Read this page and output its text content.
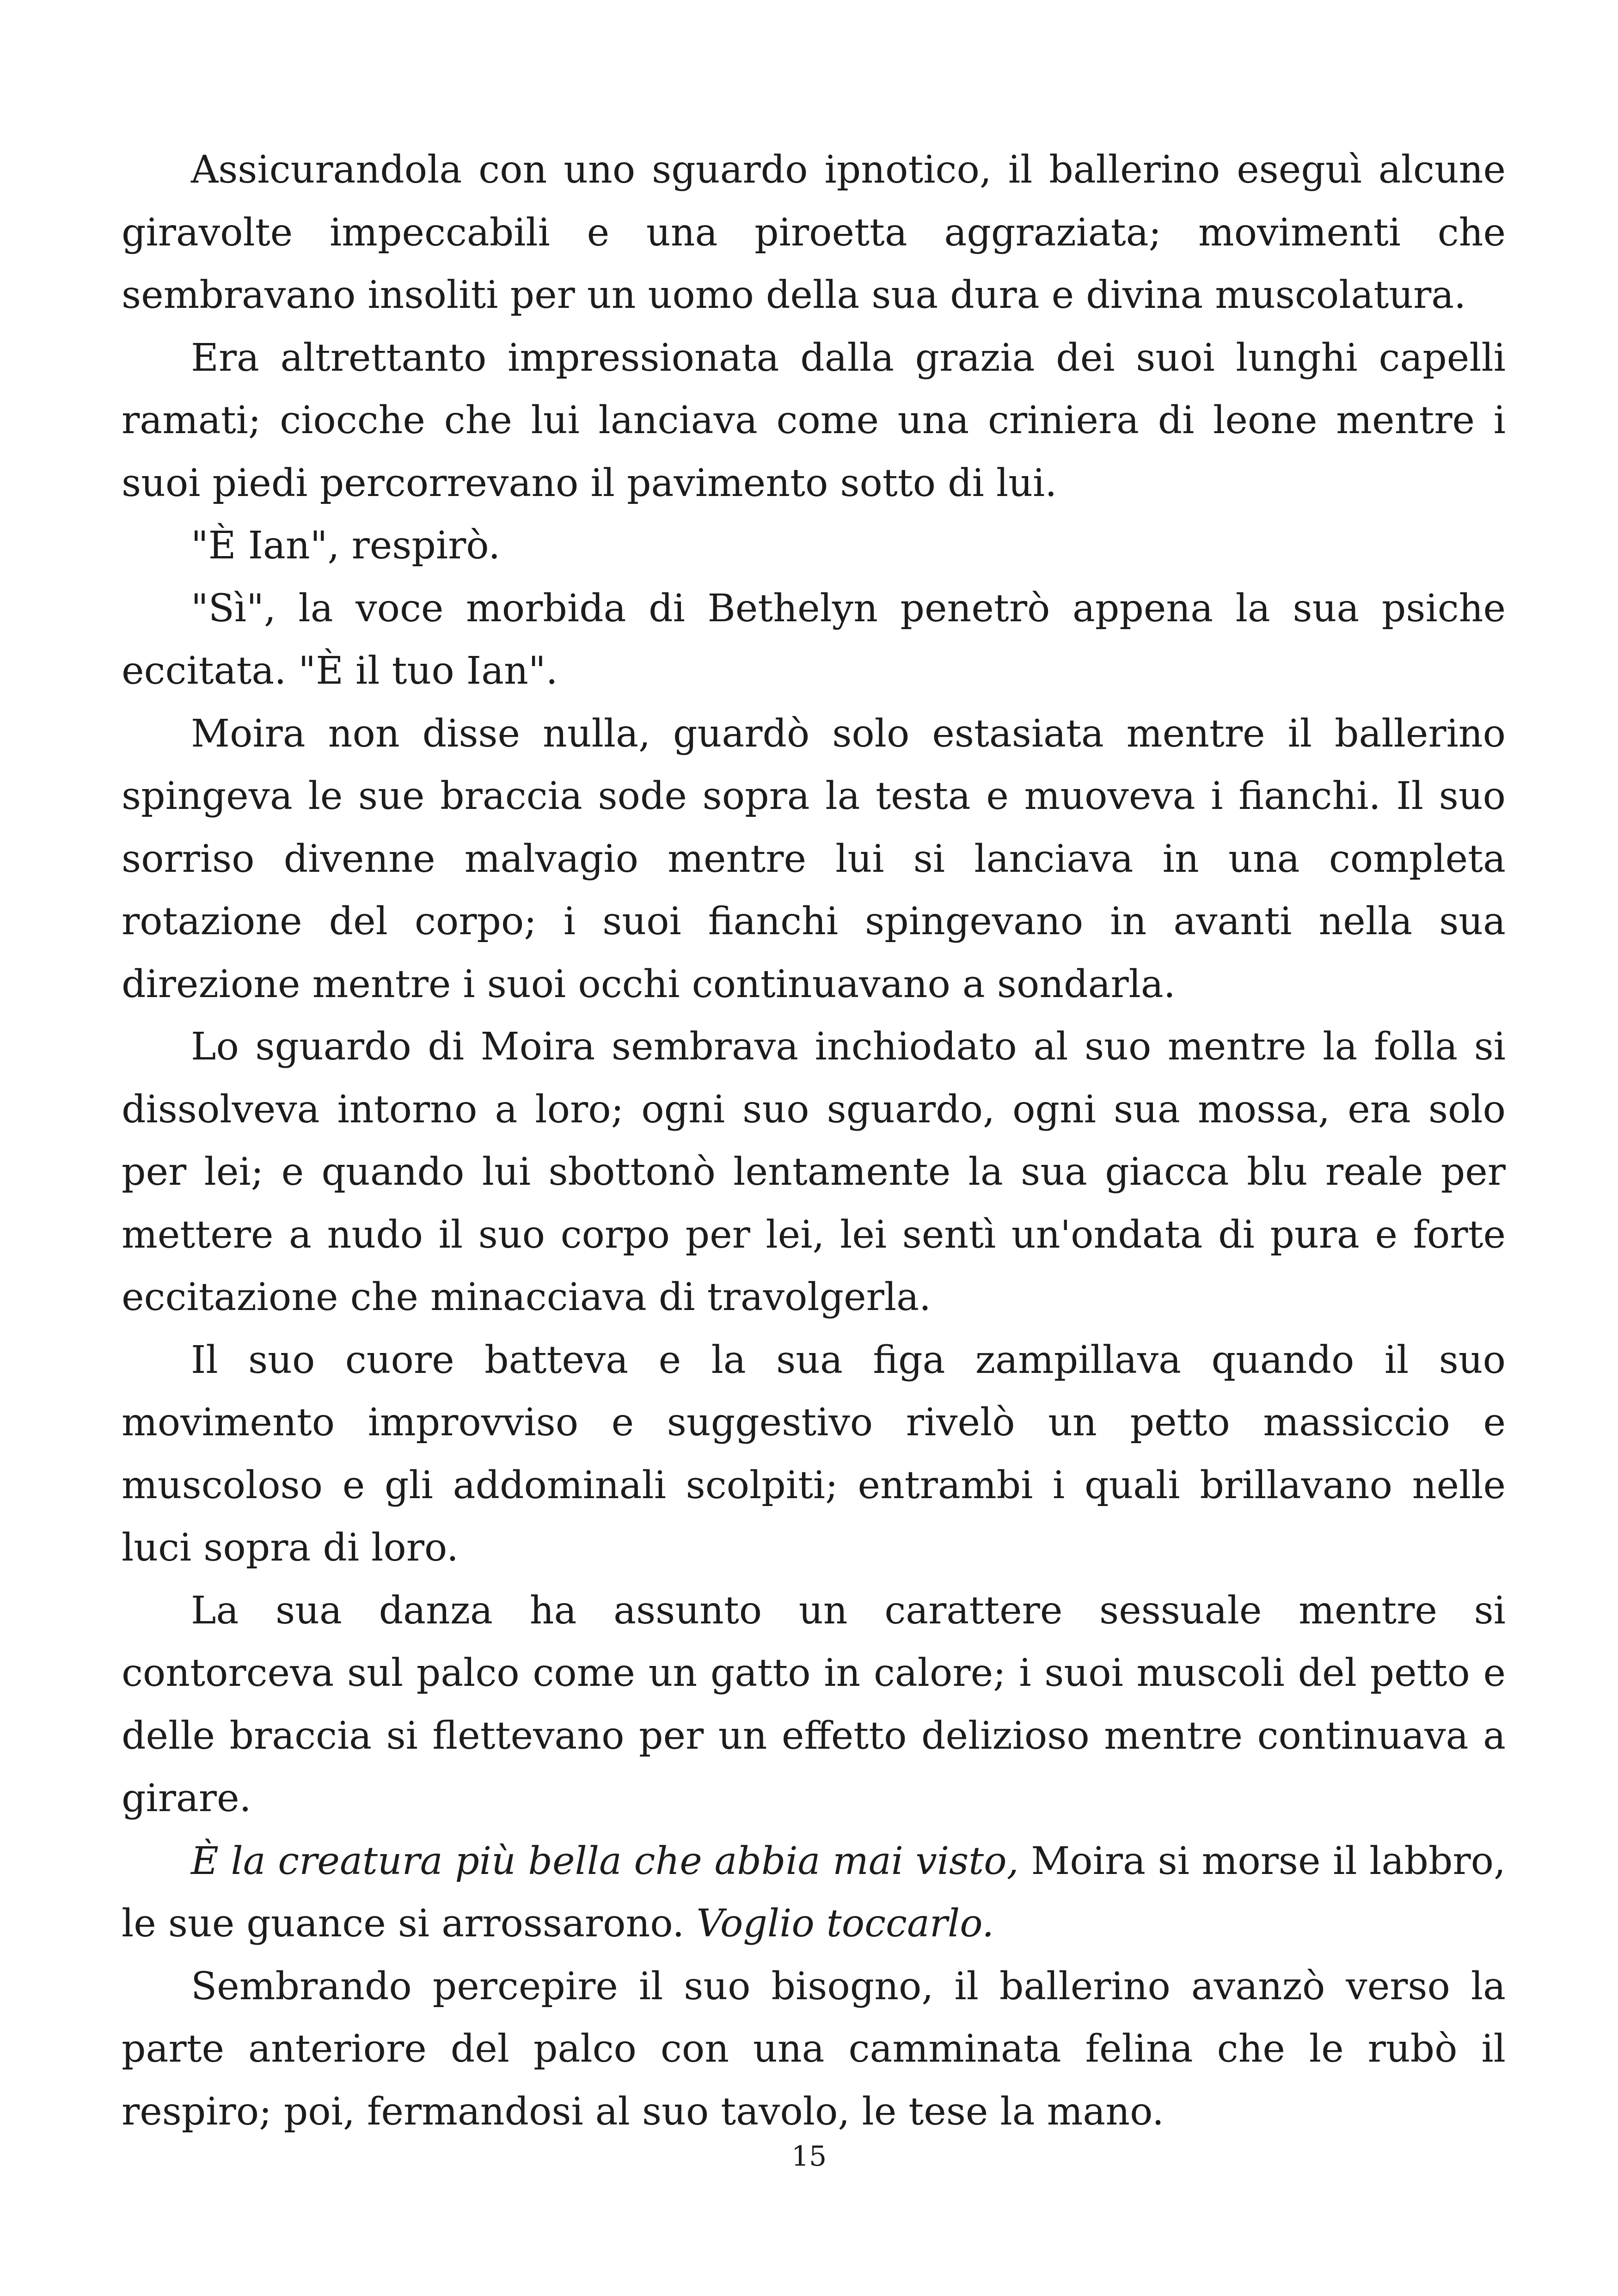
Assicurandola con uno sguardo ipnotico, il ballerino eseguì alcune giravolte impeccabili e una piroetta aggraziata; movimenti che sembravano insoliti per un uomo della sua dura e divina muscolatura.

Era altrettanto impressionata dalla grazia dei suoi lunghi capelli ramati; ciocche che lui lanciava come una criniera di leone mentre i suoi piedi percorrevano il pavimento sotto di lui.

"È Ian", respirò.

"Sì", la voce morbida di Bethelyn penetrò appena la sua psiche eccitata. "È il tuo Ian".

Moira non disse nulla, guardò solo estasiata mentre il ballerino spingeva le sue braccia sode sopra la testa e muoveva i fianchi. Il suo sorriso divenne malvagio mentre lui si lanciava in una completa rotazione del corpo; i suoi fianchi spingevano in avanti nella sua direzione mentre i suoi occhi continuavano a sondarla.

Lo sguardo di Moira sembrava inchiodato al suo mentre la folla si dissolveva intorno a loro; ogni suo sguardo, ogni sua mossa, era solo per lei; e quando lui sbottonò lentamente la sua giacca blu reale per mettere a nudo il suo corpo per lei, lei sentì un'ondata di pura e forte eccitazione che minacciava di travolgerla.

Il suo cuore batteva e la sua figa zampillava quando il suo movimento improvviso e suggestivo rivelò un petto massiccio e muscoloso e gli addominali scolpiti; entrambi i quali brillavano nelle luci sopra di loro.

La sua danza ha assunto un carattere sessuale mentre si contorceva sul palco come un gatto in calore; i suoi muscoli del petto e delle braccia si flettevano per un effetto delizioso mentre continuava a girare.

È la creatura più bella che abbia mai visto, Moira si morse il labbro, le sue guance si arrossarono. Voglio toccarlo.

Sembrando percepire il suo bisogno, il ballerino avanzò verso la parte anteriore del palco con una camminata felina che le rubò il respiro; poi, fermandosi al suo tavolo, le tese la mano.

15
